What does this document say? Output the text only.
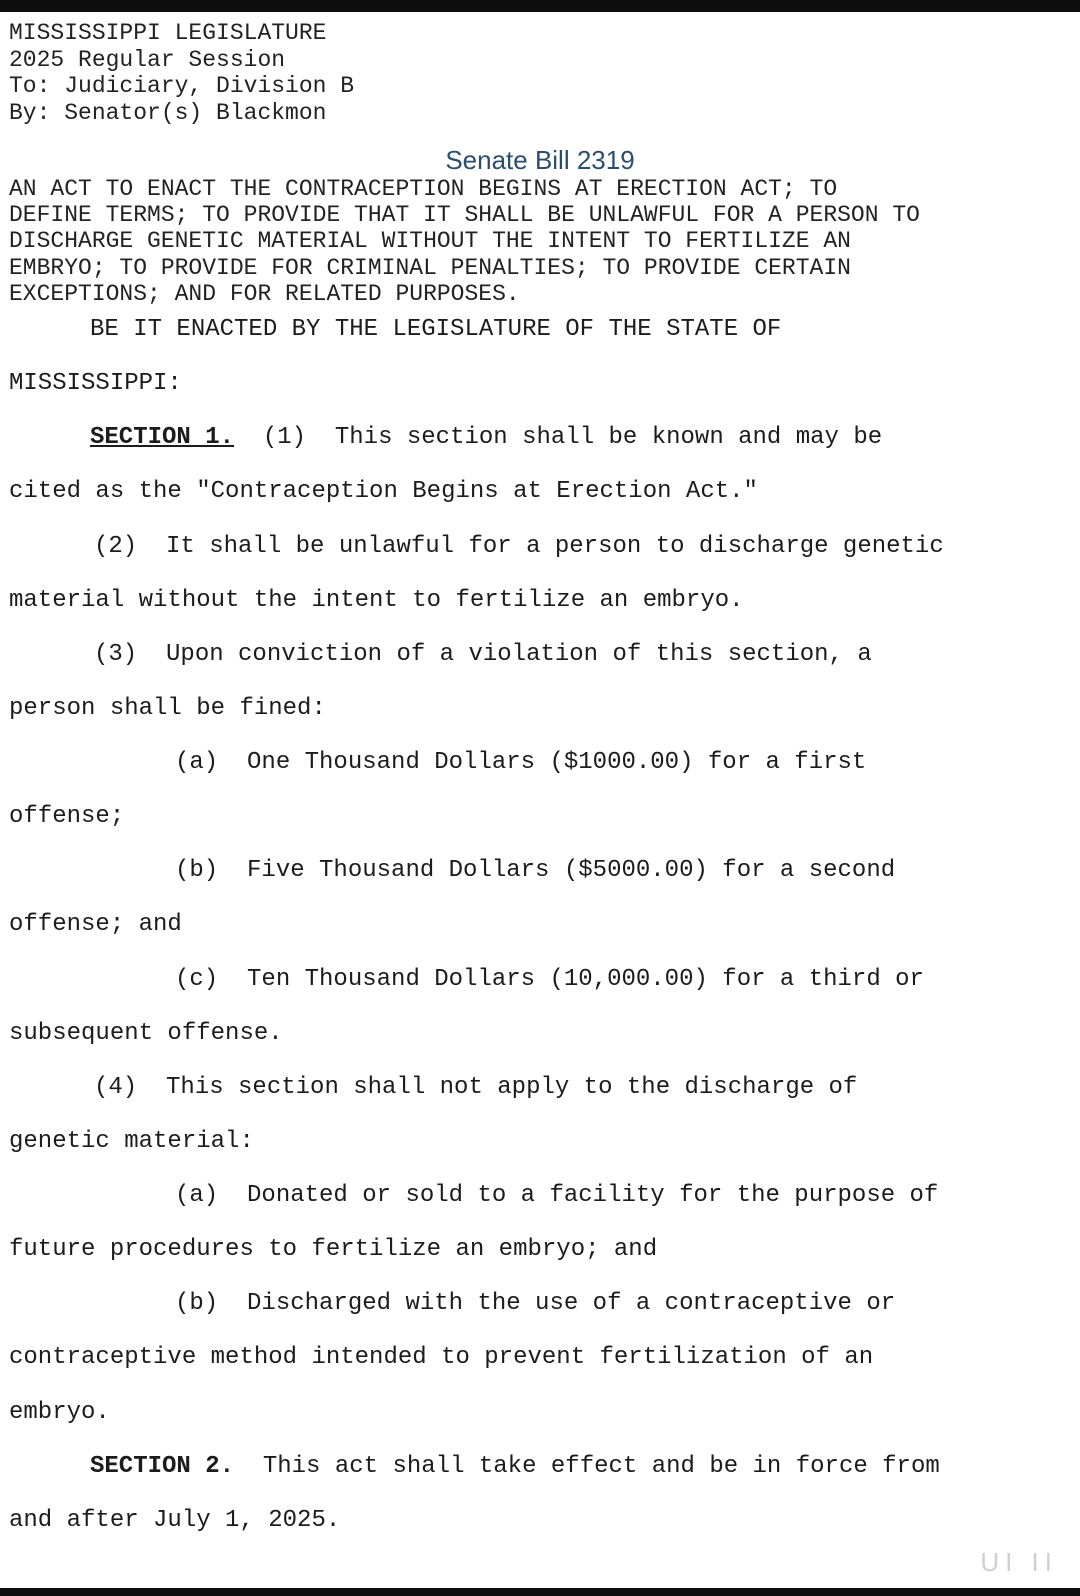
MISSISSIPPI LEGISLATURE
2025 Regular Session
To: Judiciary, Division B
By: Senator(s) Blackmon
Senate Bill 2319
AN ACT TO ENACT THE CONTRACEPTION BEGINS AT ERECTION ACT; TO
DEFINE TERMS; TO PROVIDE THAT IT SHALL BE UNLAWFUL FOR A PERSON TO
DISCHARGE GENETIC MATERIAL WITHOUT THE INTENT TO FERTILIZE AN
EMBRYO; TO PROVIDE FOR CRIMINAL PENALTIES; TO PROVIDE CERTAIN
EXCEPTIONS; AND FOR RELATED PURPOSES.
BE IT ENACTED BY THE LEGISLATURE OF THE STATE OF
MISSISSIPPI:
SECTION 1. (1)  This section shall be known and may be
cited as the "Contraception Begins at Erection Act."
(2)  It shall be unlawful for a person to discharge genetic
material without the intent to fertilize an embryo.
(3)  Upon conviction of a violation of this section, a
person shall be fined:
(a)  One Thousand Dollars ($1000.00) for a first
offense;
(b)  Five Thousand Dollars ($5000.00) for a second
offense; and
(c)  Ten Thousand Dollars (10,000.00) for a third or
subsequent offense.
(4)  This section shall not apply to the discharge of
genetic material:
(a)  Donated or sold to a facility for the purpose of
future procedures to fertilize an embryo; and
(b)  Discharged with the use of a contraceptive or
contraceptive method intended to prevent fertilization of an
embryo.
SECTION 2. This act shall take effect and be in force from
and after July 1, 2025.
UI II
